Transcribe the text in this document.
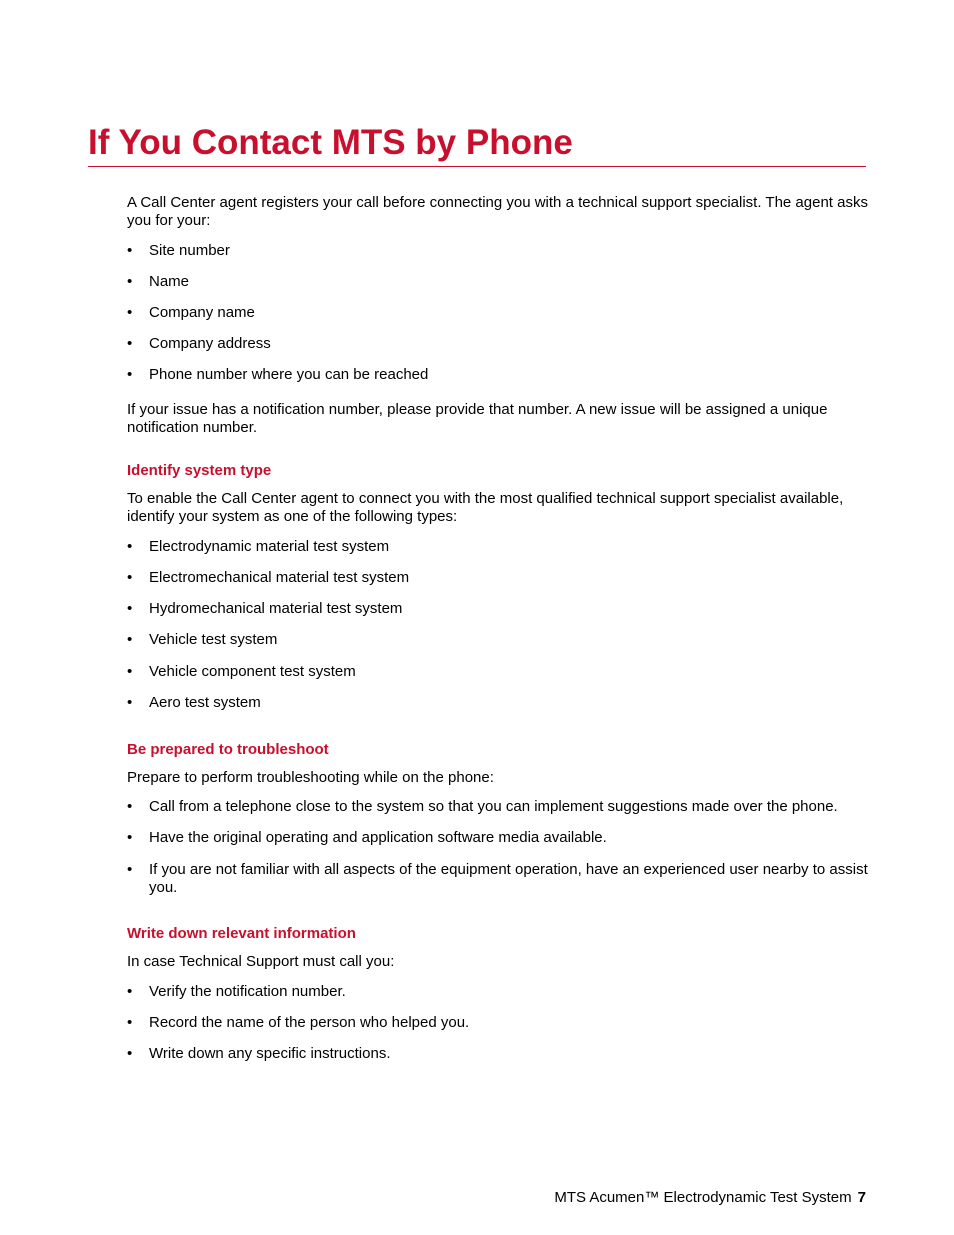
If You Contact MTS by Phone

A Call Center agent registers your call before connecting you with a technical support specialist. The agent asks you for your:

• Site number
• Name
• Company name
• Company address
• Phone number where you can be reached

If your issue has a notification number, please provide that number. A new issue will be assigned a unique notification number.

Identify system type

To enable the Call Center agent to connect you with the most qualified technical support specialist available, identify your system as one of the following types:

• Electrodynamic material test system
• Electromechanical material test system
• Hydromechanical material test system
• Vehicle test system
• Vehicle component test system
• Aero test system
Be prepared to troubleshoot

Prepare to perform troubleshooting while on the phone:

• Call from a telephone close to the system so that you can implement suggestions made over the phone.
• Have the original operating and application software media available.
• If you are not familiar with all aspects of the equipment operation, have an experienced user nearby to assist you.
Write down relevant information

In case Technical Support must call you:

• Verify the notification number.
• Record the name of the person who helped you.
• Write down any specific instructions.
MTS Acumen™ Electrodynamic Test System 7
